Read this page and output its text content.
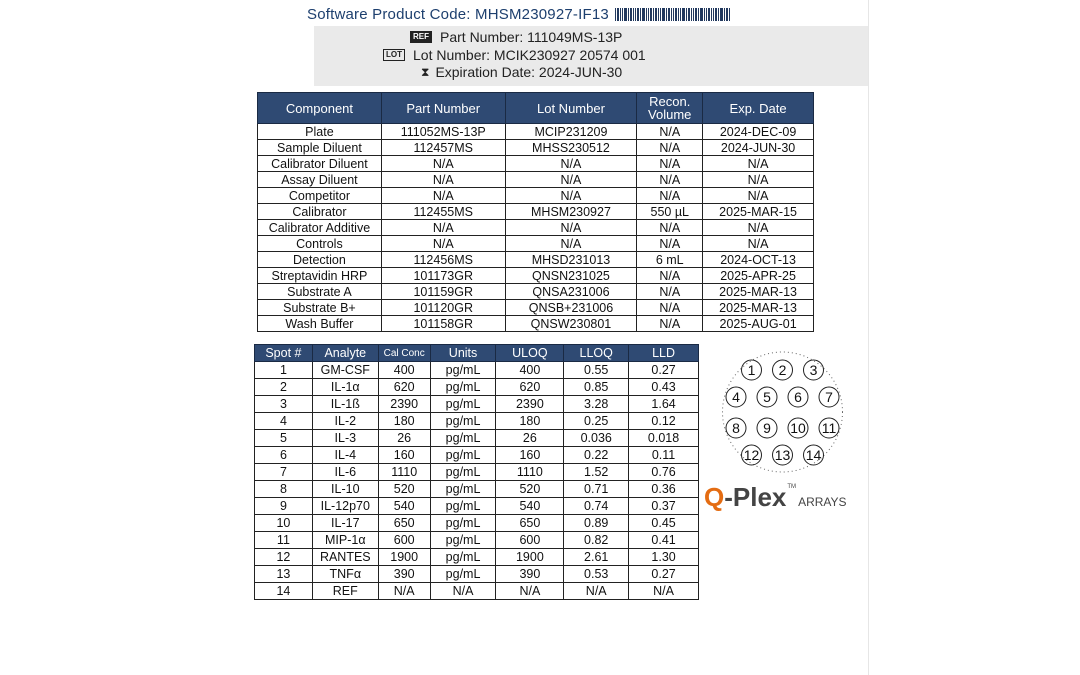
Software Product Code: MHSM230927-IF13
REF Part Number: 111049MS-13P
LOT Lot Number: MCIK230927 20574 001
⧗ Expiration Date: 2024-JUN-30
Component	Part Number	Lot Number	Recon. Volume	Exp. Date
Plate	111052MS-13P	MCIP231209	N/A	2024-DEC-09
Sample Diluent	112457MS	MHSS230512	N/A	2024-JUN-30
Calibrator Diluent	N/A	N/A	N/A	N/A
Assay Diluent	N/A	N/A	N/A	N/A
Competitor	N/A	N/A	N/A	N/A
Calibrator	112455MS	MHSM230927	550 µL	2025-MAR-15
Calibrator Additive	N/A	N/A	N/A	N/A
Controls	N/A	N/A	N/A	N/A
Detection	112456MS	MHSD231013	6 mL	2024-OCT-13
Streptavidin HRP	101173GR	QNSN231025	N/A	2025-APR-25
Substrate A	101159GR	QNSA231006	N/A	2025-MAR-13
Substrate B+	101120GR	QNSB+231006	N/A	2025-MAR-13
Wash Buffer	101158GR	QNSW230801	N/A	2025-AUG-01
Spot #	Analyte	Cal Conc	Units	ULOQ	LLOQ	LLD
1	GM-CSF	400	pg/mL	400	0.55	0.27
2	IL-1α	620	pg/mL	620	0.85	0.43
3	IL-1ß	2390	pg/mL	2390	3.28	1.64
4	IL-2	180	pg/mL	180	0.25	0.12
5	IL-3	26	pg/mL	26	0.036	0.018
6	IL-4	160	pg/mL	160	0.22	0.11
7	IL-6	1110	pg/mL	1110	1.52	0.76
8	IL-10	520	pg/mL	520	0.71	0.36
9	IL-12p70	540	pg/mL	540	0.74	0.37
10	IL-17	650	pg/mL	650	0.89	0.45
11	MIP-1α	600	pg/mL	600	0.82	0.41
12	RANTES	1900	pg/mL	1900	2.61	1.30
13	TNFα	390	pg/mL	390	0.53	0.27
14	REF	N/A	N/A	N/A	N/A	N/A
1 2 3
4 5 6 7
8 9 10 11
12 13 14
Q -Plex TM
ARRAYS
